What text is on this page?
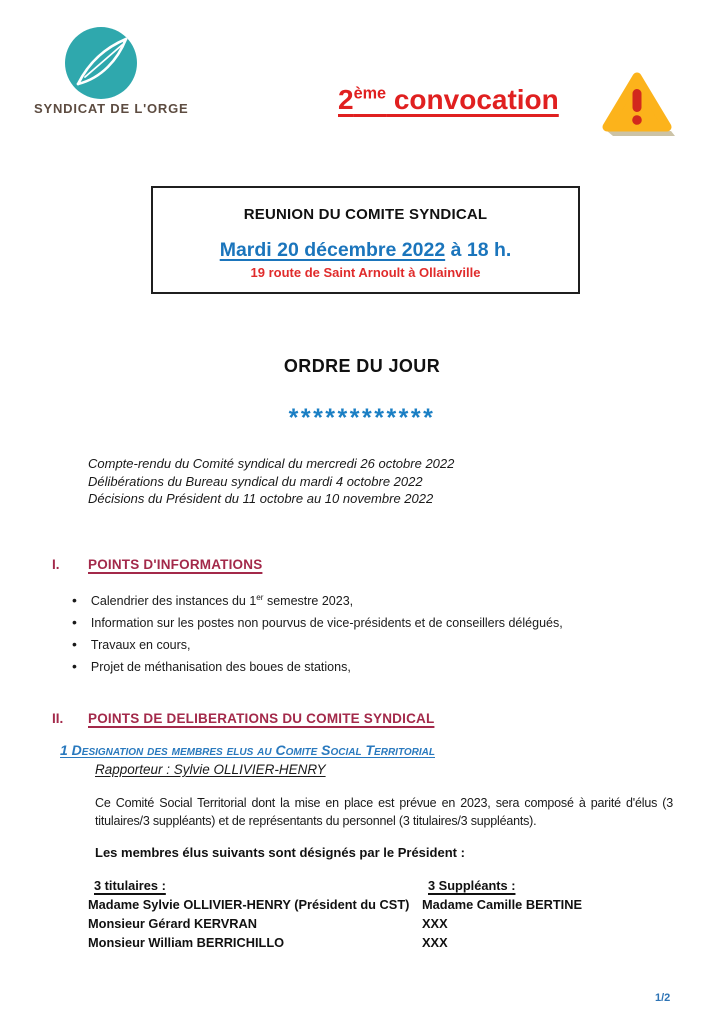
SYNDICAT DE L'ORGE	2ème convocation
REUNION DU COMITE SYNDICAL
Mardi 20 décembre 2022 à 18 h.
19 route de Saint Arnoult à Ollainville
ORDRE DU JOUR
************
Compte-rendu du Comité syndical du mercredi 26 octobre 2022
Délibérations du Bureau syndical du mardi 4 octobre 2022
Décisions du Président du 11 octobre au 10 novembre 2022
I. POINTS D'INFORMATIONS
• Calendrier des instances du 1er semestre 2023,
• Information sur les postes non pourvus de vice-présidents et de conseillers délégués,
• Travaux en cours,
• Projet de méthanisation des boues de stations,
II. POINTS DE DELIBERATIONS DU COMITE SYNDICAL
1 Designation des membres elus au Comite Social Territorial
Rapporteur : Sylvie OLLIVIER-HENRY
Ce Comité Social Territorial dont la mise en place est prévue en 2023, sera composé à parité d'élus (3 titulaires/3 suppléants) et de représentants du personnel (3 titulaires/3 suppléants).
Les membres élus suivants sont désignés par le Président :
3 titulaires :	3 Suppléants :
Madame Sylvie OLLIVIER-HENRY (Président du CST) Madame Camille BERTINE
Monsieur Gérard KERVRAN	XXX
Monsieur William BERRICHILLO	XXX
1/2
